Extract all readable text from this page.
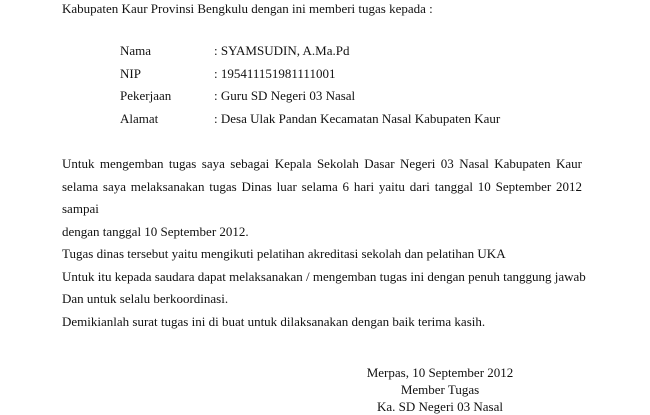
Kabupaten Kaur Provinsi Bengkulu dengan ini memberi tugas kepada :
Nama	: SYAMSUDIN, A.Ma.Pd
NIP	: 195411151981111001
Pekerjaan	: Guru SD Negeri 03 Nasal
Alamat	: Desa Ulak Pandan Kecamatan Nasal Kabupaten Kaur
Untuk mengemban tugas saya sebagai Kepala Sekolah Dasar Negeri 03 Nasal Kabupaten Kaur
selama saya melaksanakan tugas Dinas luar selama 6 hari yaitu dari tanggal 10 September 2012 sampai
dengan tanggal 10 September 2012.
Tugas dinas tersebut yaitu mengikuti pelatihan akreditasi sekolah dan pelatihan UKA
Untuk itu kepada saudara dapat melaksanakan / mengemban tugas ini dengan penuh tanggung jawab
Dan untuk selalu berkoordinasi.
Demikianlah surat tugas ini di buat untuk dilaksanakan dengan baik terima kasih.
Merpas, 10 September 2012
Member Tugas
Ka. SD Negeri 03 Nasal
